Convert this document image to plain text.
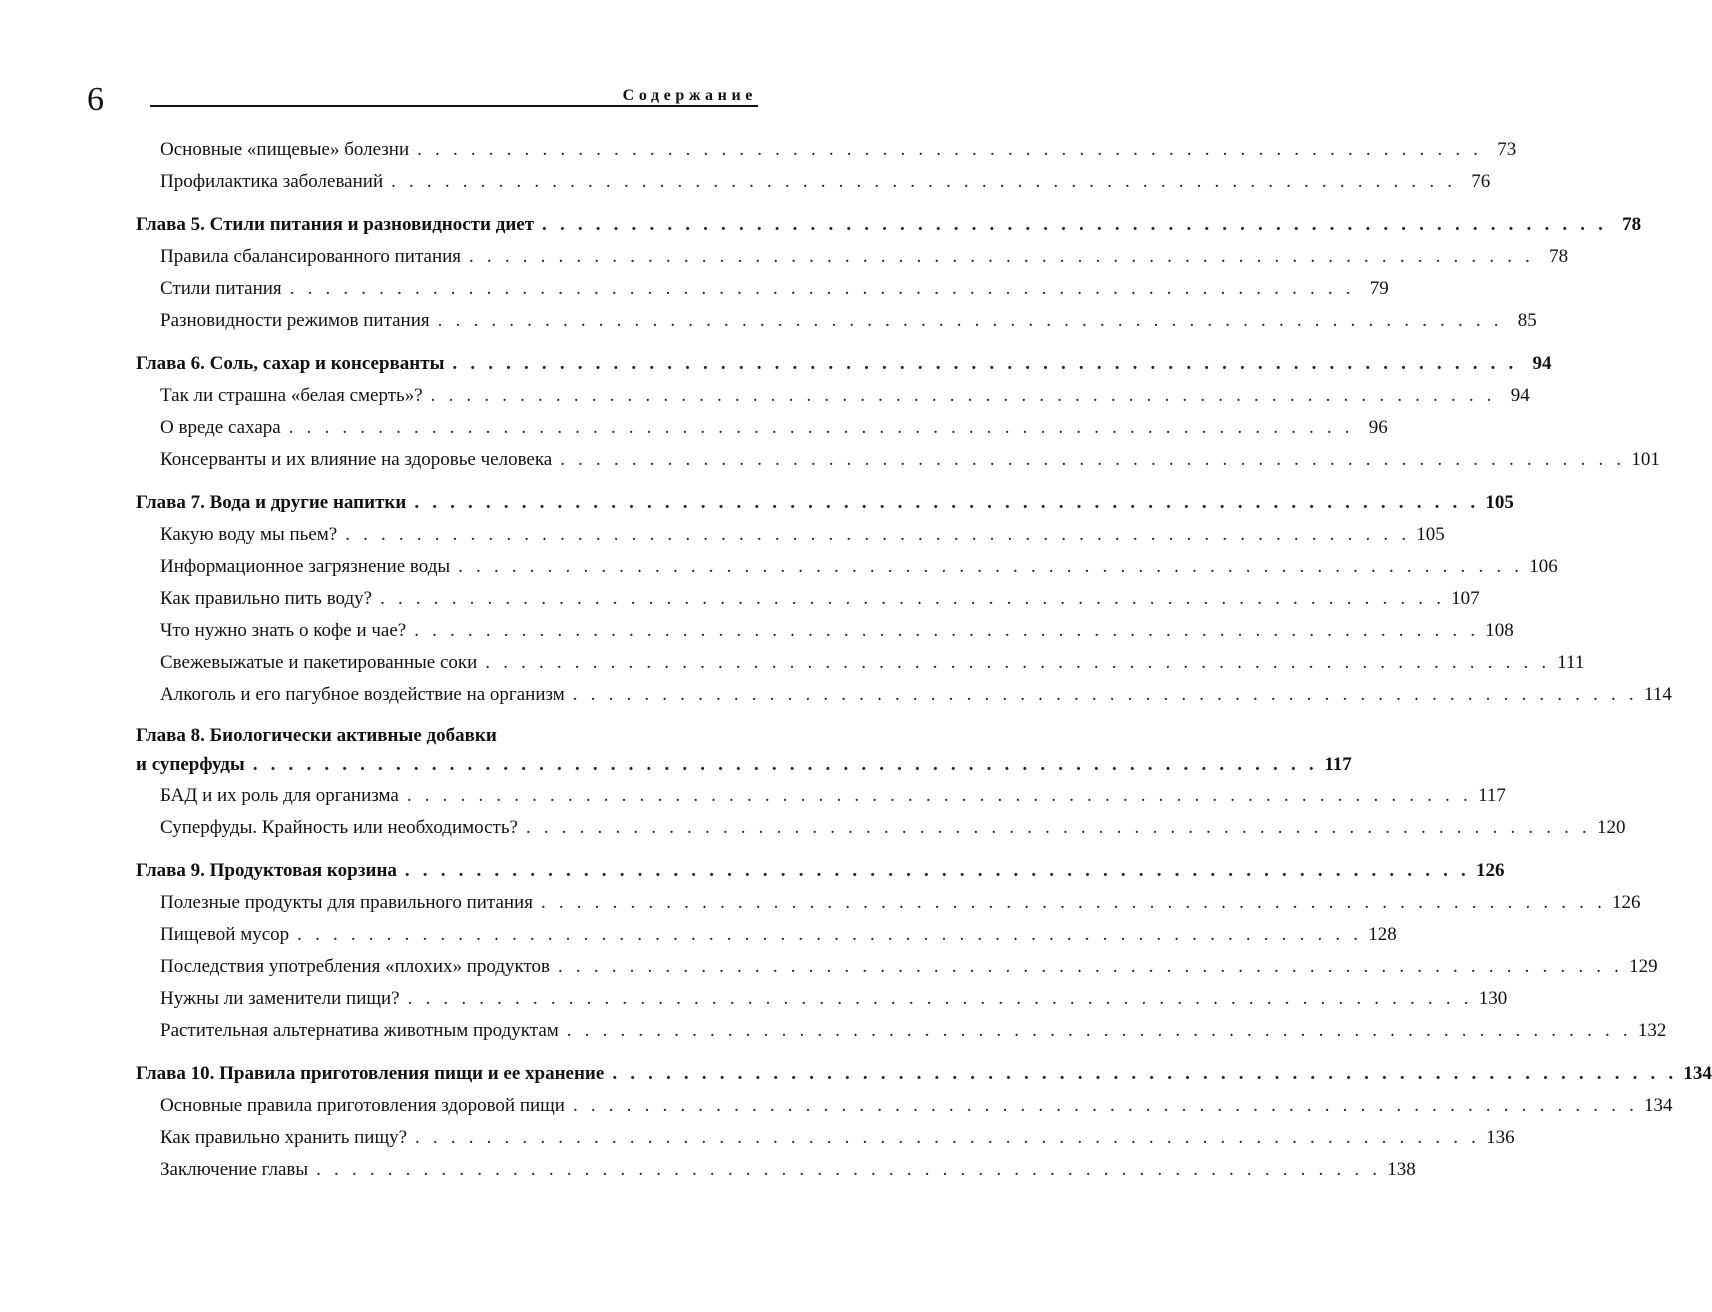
6	Содержание
Основные «пищевые» болезни . . . . . . . . . . . . . . . . . . . . . . . . . . . . . . . . . . . . . . . . . . . . . . . . . . . . . . . . . . . . 73
Профилактика заболеваний . . . . . . . . . . . . . . . . . . . . . . . . . . . . . . . . . . . . . . . . . . . . . . . . . . . . . . . . . . . . 76
Глава 5. Стили питания и разновидности диет . . . . . . . . . . . . . . . . . . . . . . . . . . . . . . . . . . . . . . . . . . . . . . . . . . . . . . . . . . . . 78
Правила сбалансированного питания . . . . . . . . . . . . . . . . . . . . . . . . . . . . . . . . . . . . . . . . . . . . . . . . . . . . . . . . . . . . 78
Стили питания . . . . . . . . . . . . . . . . . . . . . . . . . . . . . . . . . . . . . . . . . . . . . . . . . . . . . . . . . . . . 79
Разновидности режимов питания . . . . . . . . . . . . . . . . . . . . . . . . . . . . . . . . . . . . . . . . . . . . . . . . . . . . . . . . . . . . 85
Глава 6. Соль, сахар и консерванты . . . . . . . . . . . . . . . . . . . . . . . . . . . . . . . . . . . . . . . . . . . . . . . . . . . . . . . . . . . . 94
Так ли страшна «белая смерть»? . . . . . . . . . . . . . . . . . . . . . . . . . . . . . . . . . . . . . . . . . . . . . . . . . . . . . . . . . . . . 94
О вреде сахара . . . . . . . . . . . . . . . . . . . . . . . . . . . . . . . . . . . . . . . . . . . . . . . . . . . . . . . . . . . . 96
Консерванты и их влияние на здоровье человека . . . . . . . . . . . . . . . . . . . . . . . . . . . . . . . . . . . . . . . . . . . . . . . . . . . . . . . . . . . . 101
Глава 7. Вода и другие напитки . . . . . . . . . . . . . . . . . . . . . . . . . . . . . . . . . . . . . . . . . . . . . . . . . . . . . . . . . . . . 105
Какую воду мы пьем? . . . . . . . . . . . . . . . . . . . . . . . . . . . . . . . . . . . . . . . . . . . . . . . . . . . . . . . . . . . . 105
Информационное загрязнение воды . . . . . . . . . . . . . . . . . . . . . . . . . . . . . . . . . . . . . . . . . . . . . . . . . . . . . . . . . . . . 106
Как правильно пить воду? . . . . . . . . . . . . . . . . . . . . . . . . . . . . . . . . . . . . . . . . . . . . . . . . . . . . . . . . . . . . 107
Что нужно знать о кофе и чае? . . . . . . . . . . . . . . . . . . . . . . . . . . . . . . . . . . . . . . . . . . . . . . . . . . . . . . . . . . . . 108
Свежевыжатые и пакетированные соки . . . . . . . . . . . . . . . . . . . . . . . . . . . . . . . . . . . . . . . . . . . . . . . . . . . . . . . . . . . . 111
Алкоголь и его пагубное воздействие на организм . . . . . . . . . . . . . . . . . . . . . . . . . . . . . . . . . . . . . . . . . . . . . . . . . . . . . . . . . . . . 114
Глава 8. Биологически активные добавки
и суперфуды . . . . . . . . . . . . . . . . . . . . . . . . . . . . . . . . . . . . . . . . . . . . . . . . . . . . . . . . . . . . 117
БАД и их роль для организма . . . . . . . . . . . . . . . . . . . . . . . . . . . . . . . . . . . . . . . . . . . . . . . . . . . . . . . . . . . . 117
Суперфуды. Крайность или необходимость? . . . . . . . . . . . . . . . . . . . . . . . . . . . . . . . . . . . . . . . . . . . . . . . . . . . . . . . . . . . . 120
Глава 9. Продуктовая корзина . . . . . . . . . . . . . . . . . . . . . . . . . . . . . . . . . . . . . . . . . . . . . . . . . . . . . . . . . . . . 126
Полезные продукты для правильного питания . . . . . . . . . . . . . . . . . . . . . . . . . . . . . . . . . . . . . . . . . . . . . . . . . . . . . . . . . . . . 126
Пищевой мусор . . . . . . . . . . . . . . . . . . . . . . . . . . . . . . . . . . . . . . . . . . . . . . . . . . . . . . . . . . . . 128
Последствия употребления «плохих» продуктов . . . . . . . . . . . . . . . . . . . . . . . . . . . . . . . . . . . . . . . . . . . . . . . . . . . . . . . . . . . . 129
Нужны ли заменители пищи? . . . . . . . . . . . . . . . . . . . . . . . . . . . . . . . . . . . . . . . . . . . . . . . . . . . . . . . . . . . . 130
Растительная альтернатива животным продуктам . . . . . . . . . . . . . . . . . . . . . . . . . . . . . . . . . . . . . . . . . . . . . . . . . . . . . . . . . . . . 132
Глава 10. Правила приготовления пищи и ее хранение . . . . . . . . . . . . . . . . . . . . . . . . . . . . . . . . . . . . . . . . . . . . . . . . . . . . . . . . . . . . 134
Основные правила приготовления здоровой пищи . . . . . . . . . . . . . . . . . . . . . . . . . . . . . . . . . . . . . . . . . . . . . . . . . . . . . . . . . . . . 134
Как правильно хранить пищу? . . . . . . . . . . . . . . . . . . . . . . . . . . . . . . . . . . . . . . . . . . . . . . . . . . . . . . . . . . . . 136
Заключение главы . . . . . . . . . . . . . . . . . . . . . . . . . . . . . . . . . . . . . . . . . . . . . . . . . . . . . . . . . . . . 138
